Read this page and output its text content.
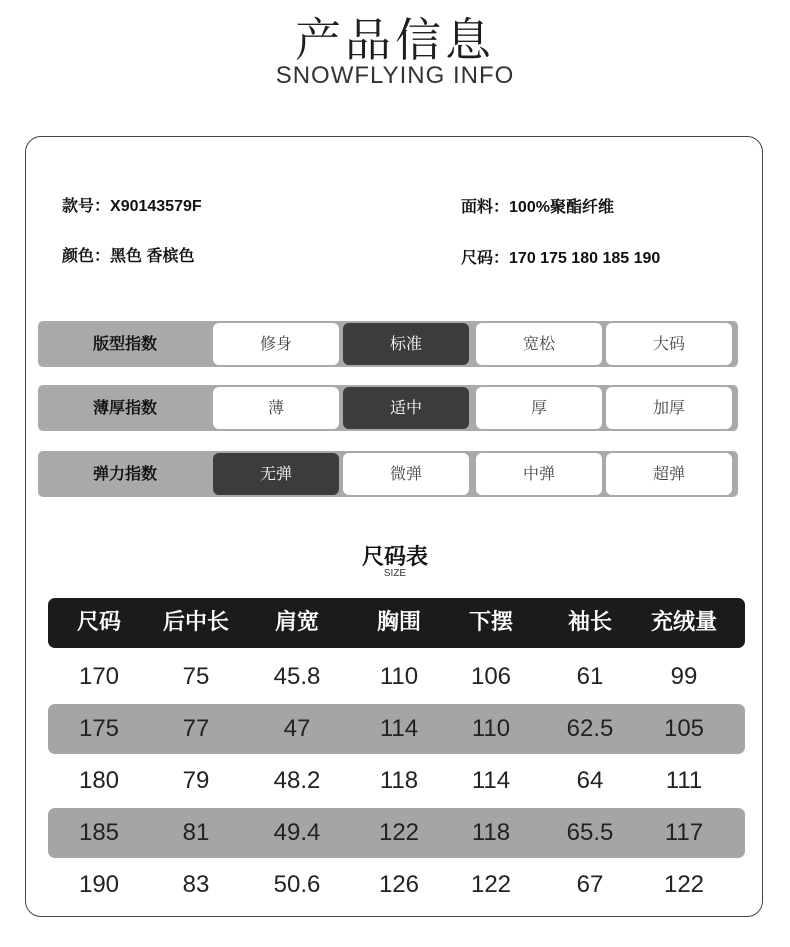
产品信息
SNOWFLYING INFO
款号：X90143579F	面料：100%聚酯纤维
颜色：黑色 香槟色	尺码：170 175 180 185 190
版型指数	修身	标准	宽松	大码
薄厚指数	薄	适中	厚	加厚
弹力指数	无弹	微弹	中弹	超弹
尺码表
SIZE
尺码	后中长	肩宽	胸围	下摆	袖长	充绒量
170	75	45.8	110	106	61	99
175	77	47	114	110	62.5	105
180	79	48.2	118	114	64	111
185	81	49.4	122	118	65.5	117
190	83	50.6	126	122	67	122
